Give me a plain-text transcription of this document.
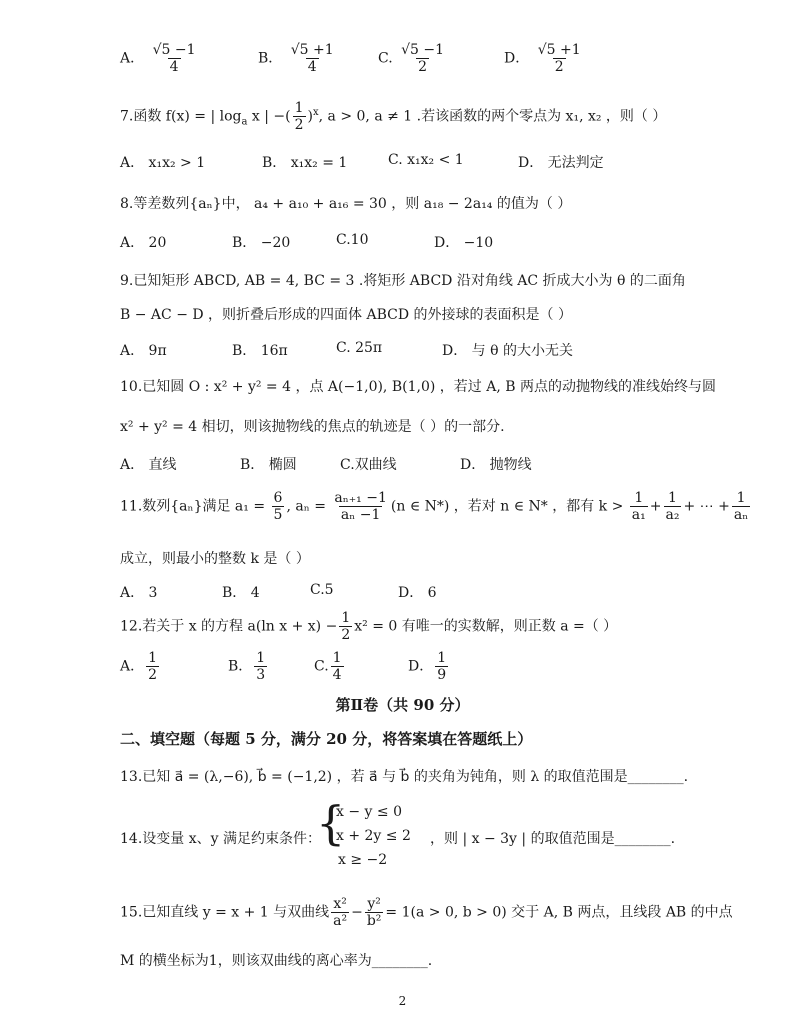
A． $\frac{√5 -1}{4}$	B． $\frac{√5 +1}{4}$	C. $\frac{√5 -1}{2}$	D． $\frac{√5 +1}{2}$
7.函数 f(x) = | $\log_a x$ | −( $\frac{1}{2} )^x$, a > 0, a ≠ 1 .若该函数的两个零点为 x₁, x₂ ，则（ ）
A． x₁x₂ > 1	B． x₁x₂ = 1	C. x₁x₂ < 1	D． 无法判定
8.等差数列{aₙ}中， a₄ + a₁₀ + a₁₆ = 30 ，则 a₁₈ − 2a₁₄ 的值为（ ）
A． 20	B． −20	C.10	D． −10
9.已知矩形 ABCD, AB = 4, BC = 3 .将矩形 ABCD 沿对角线 AC 折成大小为 θ 的二面角
B − AC − D ，则折叠后形成的四面体 ABCD 的外接球的表面积是（ ）
A． 9π	B． 16π	C. 25π	D． 与 θ 的大小无关
10.已知圆 O : x² + y² = 4 ，点 A(−1,0), B(1,0) ，若过 A, B 两点的动抛物线的准线始终与圆
x² + y² = 4 相切，则该抛物线的焦点的轨迹是（ ）的一部分.
A． 直线	B． 椭圆	C.双曲线	D． 抛物线
11.数列{aₙ}满足 $a_1 = \frac{6}{5}$ , $a_n = \frac{\text{aₙ₊₁ −1}}{\text{aₙ −1}} (n$ ∈ N*) ，若对 n ∈ N* ，都有 $k > \frac{1}{\text{a₁}} + \frac{1}{\text{a₂}}$ + ⋯ + $\frac{1}{\text{aₙ}}$
成立，则最小的整数 k 是（ ）
A． 3	B． 4	C.5	D． 6
12.若关于 x 的方程 a(ln $x + x) - \frac{1}{2} x^2 = 0$ 有唯一的实数解，则正数 a =（ ）
A． $\frac{1}{2}$	B． $\frac{1}{3}$	C. $\frac{1}{4}$	D． $\frac{1}{9}$
第Ⅱ卷（共 90 分）
二、填空题（每题 5 分，满分 20 分，将答案填在答题纸上）
13.已知 a⃗ = (λ,−6), b⃗ = (−1,2) ，若 a⃗ 与 b⃗ 的夹角为钝角，则 λ 的取值范围是________.
14.设变量 x、y 满足约束条件：
{
x − y ≤ 0
x + 2y ≤ 2
x ≥ −2
，则 | x − 3y | 的取值范围是________.
15.已知直线 y = x + 1 与双曲线 $\frac{\text{x²}}{\text{a²}} - \frac{\text{y²}}{\text{b²}} = 1(a > 0$, b > 0) 交于 A, B 两点，且线段 AB 的中点
M 的横坐标为1，则该双曲线的离心率为________.
2
